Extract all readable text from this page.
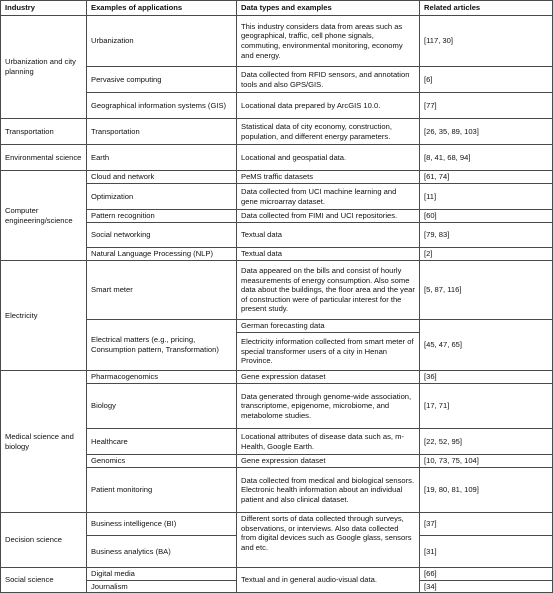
Industry	Examples of applications	Data types and examples	Related articles
Urbanization and city planning	Urbanization	This industry considers data from areas such as geographical, traffic, cell phone signals, commuting, environmental monitoring, economy and energy.	[117, 30]
	Pervasive computing	Data collected from RFID sensors, and annotation tools and also GPS/GIS.	[6]
	Geographical information systems (GIS)	Locational data prepared by ArcGIS 10.0.	[77]
Transportation	Transportation	Statistical data of city economy, construction, population, and different energy parameters.	[26, 35, 89, 103]
Environmental science	Earth	Locational and geospatial data.	[8, 41, 68, 94]
Computer engineering/science	Cloud and network	PeMS traffic datasets	[61, 74]
	Optimization	Data collected from UCI machine learning and gene microarray dataset.	[11]
	Pattern recognition	Data collected from FIMI and UCI repositories.	[60]
	Social networking	Textual data	[79, 83]
	Natural Language Processing (NLP)	Textual data	[2]
Electricity	Smart meter	Data appeared on the bills and consist of hourly measurements of energy consumption. Also some data about the buildings, the floor area and the year of construction were of particular interest for the present study.	[5, 87, 116]
	Electrical matters (e.g., pricing, Consumption pattern, Transformation)	German forecasting data	[45, 47, 65]
		Electricity information collected from smart meter of special transformer users of a city in Henan Province.	
Medical science and biology	Pharmacogenomics	Gene expression dataset	[36]
	Biology	Data generated through genome-wide association, transcriptome, epigenome, microbiome, and metabolome studies.	[17, 71]
	Healthcare	Locational attributes of disease data such as, m-Health, Google Earth.	[22, 52, 95]
	Genomics	Gene expression dataset	[10, 73, 75, 104]
	Patient monitoring	Data collected from medical and biological sensors. Electronic health information about an individual patient and also clinical dataset.	[19, 80, 81, 109]
Decision science	Business intelligence (BI)	Different sorts of data collected through surveys, observations, or interviews. Also data collected from digital devices such as Google glass, sensors and etc.	[37]
	Business analytics (BA)		[31]
Social science	Digital media	Textual and in general audio-visual data.	[66]
	Journalism		[34]
